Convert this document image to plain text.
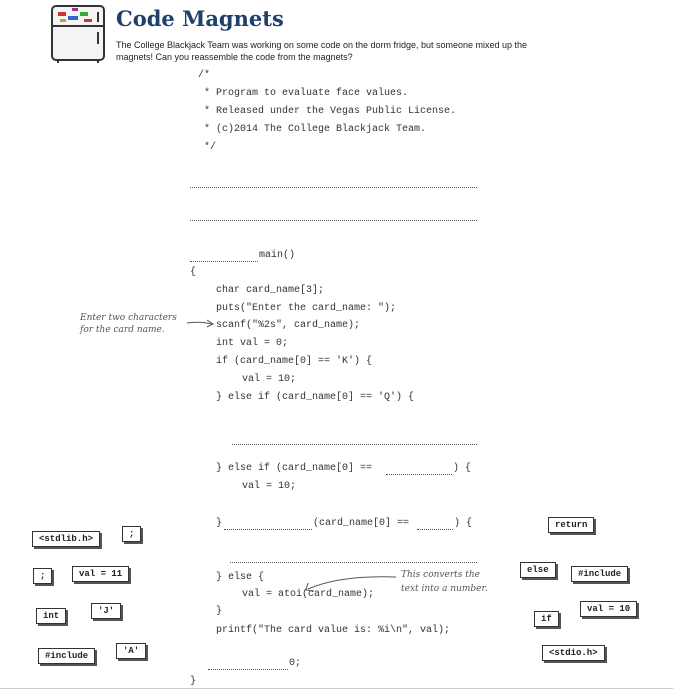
Code Magnets
The College Blackjack Team was working on some code on the dorm fridge, but someone mixed up the magnets! Can you reassemble the code from the magnets?
/*
* Program to evaluate face values.
* Released under the Vegas Public License.
* (c)2014 The College Blackjack Team.
*/
main()
{
char card_name[3];
puts("Enter the card_name: ");
scanf("%2s", card_name);
int val = 0;
if (card_name[0] == 'K') {
val = 10;
} else if (card_name[0] == 'Q') {
Enter two characters
for the card name.
} else if (card_name[0] ==	) {
val = 10;
}	(card_name[0] ==	) {
} else {
val = atoi(card_name);
}
printf("The card value is: %i\n", val);
0;
}
This converts the
text into a number.
<stdlib.h>	;
;	val = 11
int	'J'
#include	'A'
return
else	#include
if
val = 10
<stdio.h>
